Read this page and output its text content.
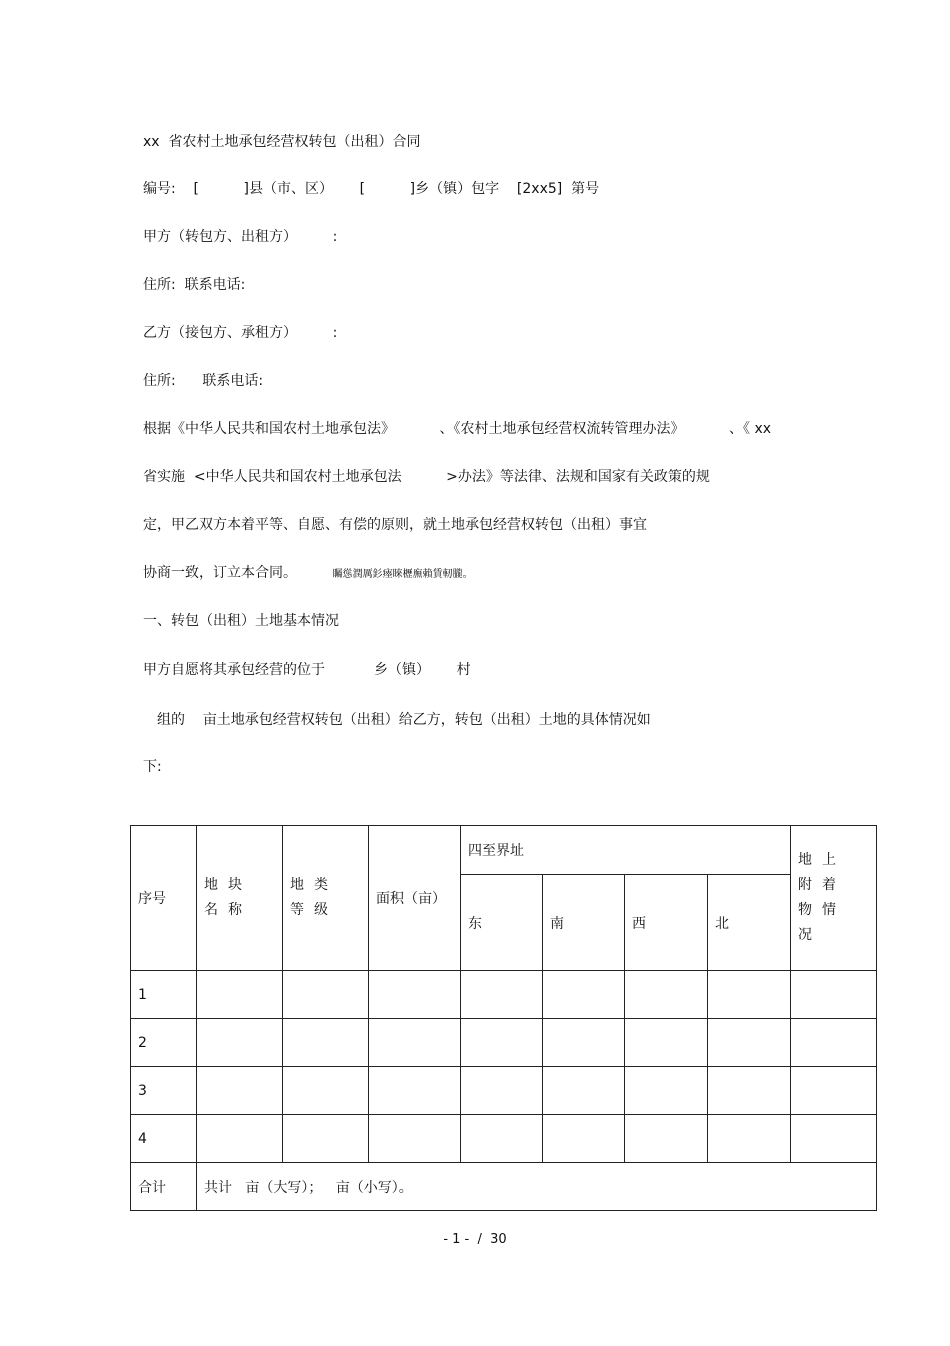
xx  省农村土地承包经营权转包（出租）合同
编号: [          ]县（市、区） [          ]乡（镇）包字 [2xx5] 第号
甲方（转包方、出租方）	:
住所:  联系电话:
乙方（接包方、承租方）	:
住所: 联系电话:
根据《中华人民共和国农村土地承包法》	、《农村土地承包经营权流转管理办法》	、《 xx
省实施  <中华人民共和国农村土地承包法	>办法》等法律、法规和国家有关政策的规
定，甲乙双方本着平等、自愿、有偿的原则，就土地承包经营权转包（出租）事宜
协商一致，订立本合同。	矚慫潤厲釤瘞睞櫪廡賴賃軔朧。
一、转包（出租）土地基本情况
甲方自愿将其承包经营的位于	乡（镇） 村
组的 亩土地承包经营权转包（出租）给乙方，转包（出租）土地的具体情况如
下:
序号	地块名称	地类等级	面积（亩）	四至界址				地上附着物情况
				东	南	西	北	
1								
2								
3								
4								
合计	共计   亩（大写）；   亩（小写）。							
- 1 -  /  30
